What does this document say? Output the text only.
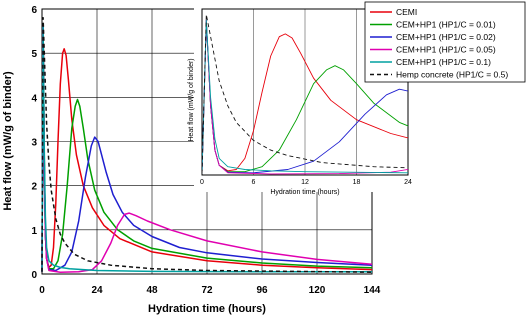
0	24	48	72	96	120	144
0
1
2
3
4
5
6
Hydration time (hours)
Heat flow (mW/g of binder)	0	6	12	18	24
Hydration time (hours)
Heat flow (mW/g of binder)
CEMI
CEM+HP1 (HP1/C = 0.01)
CEM+HP1 (HP1/C = 0.02)
CEM+HP1 (HP1/C = 0.05)
CEM+HP1 (HP1/C = 0.1)
Hemp concrete (HP1/C = 0.5)
